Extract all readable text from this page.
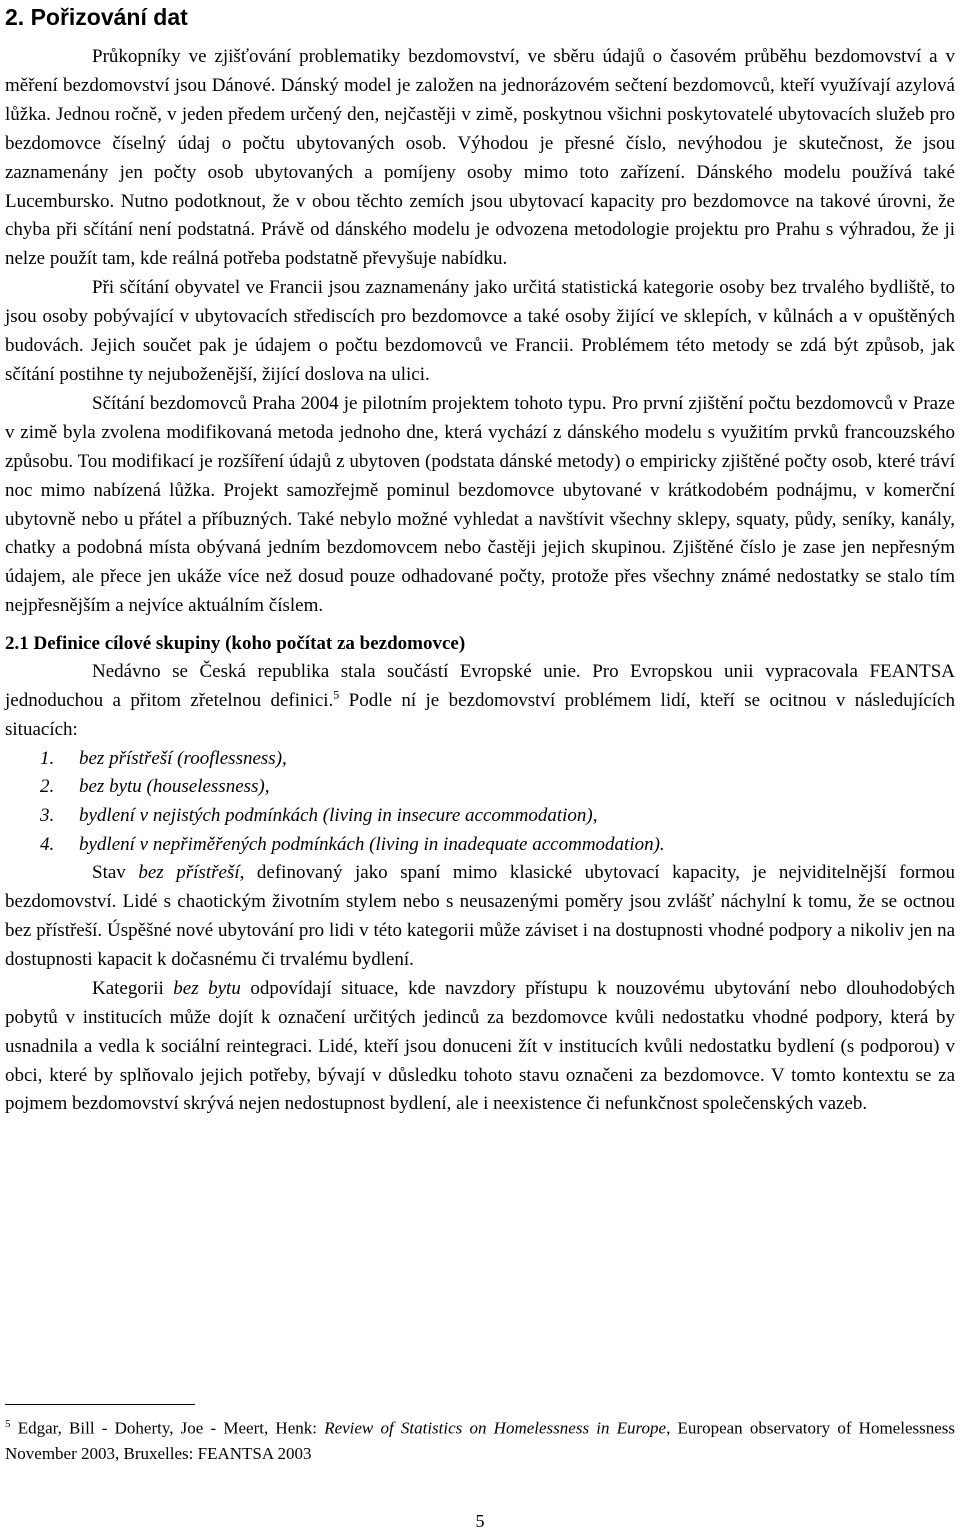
2. Pořizování dat

Průkopníky ve zjišťování problematiky bezdomovství, ve sběru údajů o časovém průběhu bezdomovství a v měření bezdomovství jsou Dánové. Dánský model je založen na jednorázovém sečtení bezdomovců, kteří využívají azylová lůžka. Jednou ročně, v jeden předem určený den, nejčastěji v zimě, poskytnou všichni poskytovatelé ubytovacích služeb pro bezdomovce číselný údaj o počtu ubytovaných osob. Výhodou je přesné číslo, nevýhodou je skutečnost, že jsou zaznamenány jen počty osob ubytovaných a pomíjeny osoby mimo toto zařízení. Dánského modelu používá také Lucembursko. Nutno podotknout, že v obou těchto zemích jsou ubytovací kapacity pro bezdomovce na takové úrovni, že chyba při sčítání není podstatná. Právě od dánského modelu je odvozena metodologie projektu pro Prahu s výhradou, že ji nelze použít tam, kde reálná potřeba podstatně převyšuje nabídku.

Při sčítání obyvatel ve Francii jsou zaznamenány jako určitá statistická kategorie osoby bez trvalého bydliště, to jsou osoby pobývající v ubytovacích střediscích pro bezdomovce a také osoby žijící ve sklepích, v kůlnách a v opuštěných budovách. Jejich součet pak je údajem o počtu bezdomovců ve Francii. Problémem této metody se zdá být způsob, jak sčítání postihne ty nejuboženější, žijící doslova na ulici.

Sčítání bezdomovců Praha 2004 je pilotním projektem tohoto typu. Pro první zjištění počtu bezdomovců v Praze v zimě byla zvolena modifikovaná metoda jednoho dne, která vychází z dánského modelu s využitím prvků francouzského způsobu. Tou modifikací je rozšíření údajů z ubytoven (podstata dánské metody) o empiricky zjištěné počty osob, které tráví noc mimo nabízená lůžka. Projekt samozřejmě pominul bezdomovce ubytované v krátkodobém podnájmu, v komerční ubytovně nebo u přátel a příbuzných. Také nebylo možné vyhledat a navštívit všechny sklepy, squaty, půdy, seníky, kanály, chatky a podobná místa obývaná jedním bezdomovcem nebo častěji jejich skupinou. Zjištěné číslo je zase jen nepřesným údajem, ale přece jen ukáže více než dosud pouze odhadované počty, protože přes všechny známé nedostatky se stalo tím nejpřesnějším a nejvíce aktuálním číslem.

2.1 Definice cílové skupiny (koho počítat za bezdomovce)

Nedávno se Česká republika stala součástí Evropské unie. Pro Evropskou unii vypracovala FEANTSA jednoduchou a přitom zřetelnou definici.$^5$ Podle ní je bezdomovství problémem lidí, kteří se ocitnou v následujících situacích:

1.	bez přístřeší (rooflessness),
2.	bez bytu (houselessness),
3.	bydlení v nejistých podmínkách (living in insecure accommodation),
4.	bydlení v nepřiměřených podmínkách (living in inadequate accommodation).

Stav bez přístřeší, definovaný jako spaní mimo klasické ubytovací kapacity, je nejviditelnější formou bezdomovství. Lidé s chaotickým životním stylem nebo s neusazenými poměry jsou zvlášť náchylní k tomu, že se octnou bez přístřeší. Úspěšné nové ubytování pro lidi v této kategorii může záviset i na dostupnosti vhodné podpory a nikoliv jen na dostupnosti kapacit k dočasnému či trvalému bydlení.

Kategorii bez bytu odpovídají situace, kde navzdory přístupu k nouzovému ubytování nebo dlouhodobých pobytů v institucích může dojít k označení určitých jedinců za bezdomovce kvůli nedostatku vhodné podpory, která by usnadnila a vedla k sociální reintegraci. Lidé, kteří jsou donuceni žít v institucích kvůli nedostatku bydlení (s podporou) v obci, které by splňovalo jejich potřeby, bývají v důsledku tohoto stavu označeni za bezdomovce. V tomto kontextu se za pojmem bezdomovství skrývá nejen nedostupnost bydlení, ale i neexistence či nefunkčnost společenských vazeb.

$^5$ Edgar, Bill - Doherty, Joe - Meert, Henk: Review of Statistics on Homelessness in Europe, European observatory of Homelessness November 2003, Bruxelles: FEANTSA 2003
5
